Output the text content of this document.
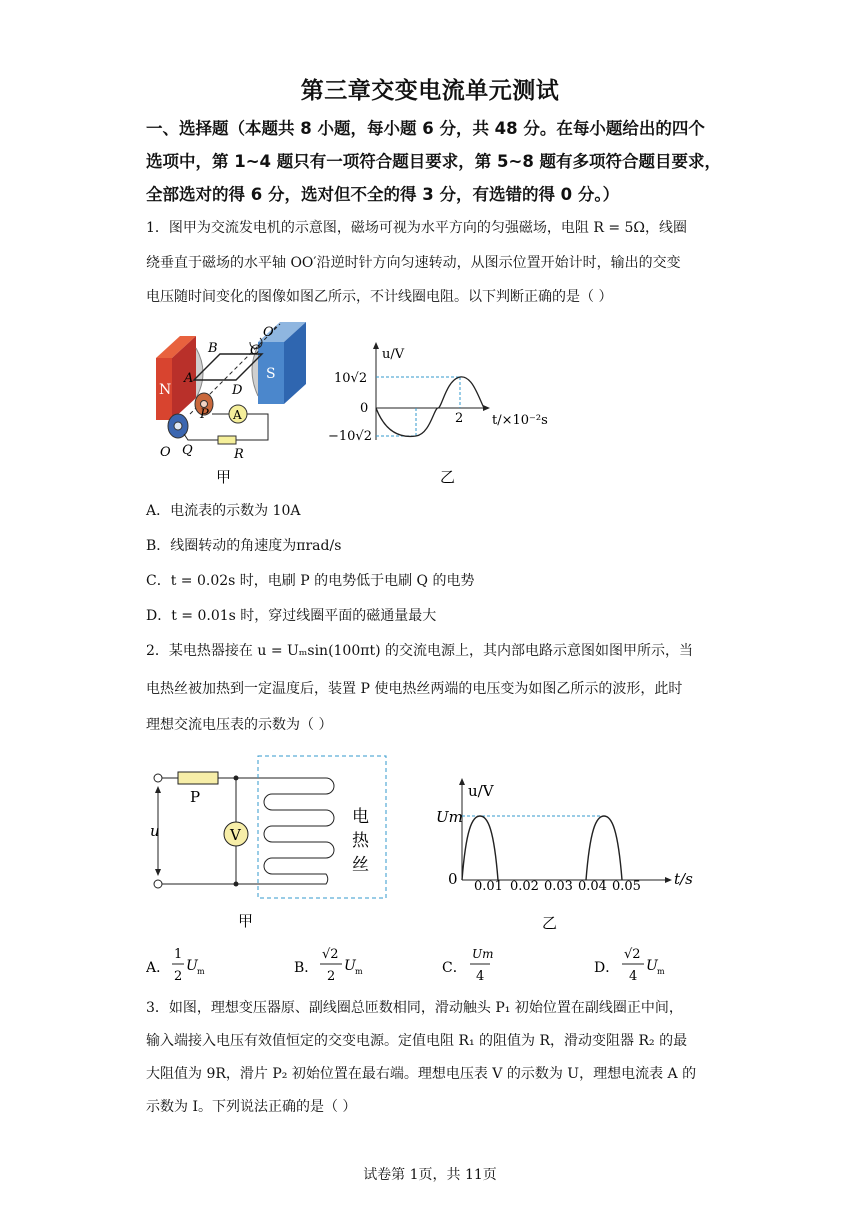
第三章交变电流单元测试
一、选择题（本题共 8 小题，每小题 6 分，共 48 分。在每小题给出的四个
选项中，第 1~4 题只有一项符合题目要求，第 5~8 题有多项符合题目要求，
全部选对的得 6 分，选对但不全的得 3 分，有选错的得 0 分。）
1．图甲为交流发电机的示意图，磁场可视为水平方向的匀强磁场，电阻 R = 5Ω，线圈
绕垂直于磁场的水平轴 OO′沿逆时针方向匀速转动，从图示位置开始计时，输出的交变
电压随时间变化的图像如图乙所示，不计线圈电阻。以下判断正确的是（ ）
N
S
O′
B C
A
D
A
P
Q
O	R
甲
u/V
10√2
0
−10√2
2 t/×10⁻²s
乙
A．电流表的示数为 10A
B．线圈转动的角速度为πrad/s
C．t = 0.02s 时，电刷 P 的电势低于电刷 Q 的电势
D．t = 0.01s 时，穿过线圈平面的磁通量最大
2．某电热器接在 u = Uₘsin(100πt) 的交流电源上，其内部电路示意图如图甲所示，当
电热丝被加热到一定温度后，装置 P 使电热丝两端的电压变为如图乙所示的波形，此时
理想交流电压表的示数为（ ）
u
P
V
电
热
丝
甲
u/V
Um
0 0.01 0.02 0.03 0.04 0.05 t/s
乙
A．
1
2
U m	B．
√2
2
U m	C．
Um
4
D．
√2
4
U m
3．如图，理想变压器原、副线圈总匝数相同，滑动触头 P₁ 初始位置在副线圈正中间，
输入端接入电压有效值恒定的交变电源。定值电阻 R₁ 的阻值为 R，滑动变阻器 R₂ 的最
大阻值为 9R，滑片 P₂ 初始位置在最右端。理想电压表 V 的示数为 U，理想电流表 A 的
示数为 I。下列说法正确的是（ ）
试卷第 1页，共 11页
